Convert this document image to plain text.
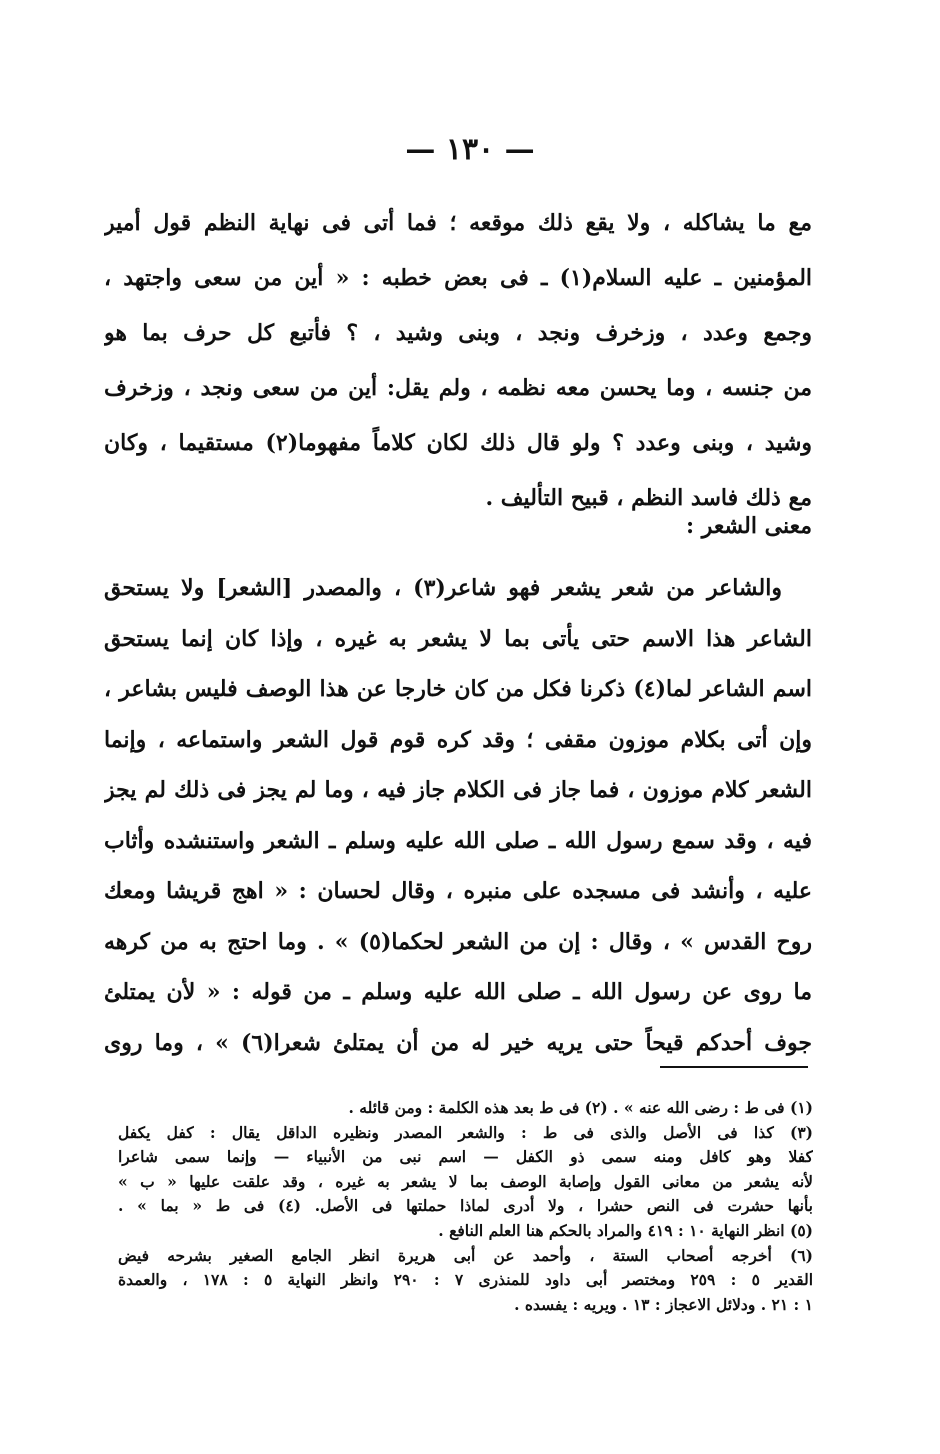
— ١٣٠ —
مع ما يشاكله ، ولا يقع ذلك موقعه ؛ فما أتى فى نهاية النظم قول أمير
المؤمنين ـ عليه السلام(١) ـ فى بعض خطبه : « أين من سعى واجتهد ،
وجمع وعدد ، وزخرف ونجد ، وبنى وشيد ، ؟ فأتبع كل حرف بما هو
من جنسه ، وما يحسن معه نظمه ، ولم يقل: أين من سعى ونجد ، وزخرف
وشيد ، وبنى وعدد ؟ ولو قال ذلك لكان كلاماً مفهوما(٢) مستقيما ، وكان
مع ذلك فاسد النظم ، قبيح التأليف .
معنى الشعر :
والشاعر من شعر يشعر فهو شاعر(٣) ، والمصدر [الشعر] ولا يستحق
الشاعر هذا الاسم حتى يأتى بما لا يشعر به غيره ، وإذا كان إنما يستحق
اسم الشاعر لما(٤) ذكرنا فكل من كان خارجا عن هذا الوصف فليس بشاعر ،
وإن أتى بكلام موزون مقفى ؛ وقد كره قوم قول الشعر واستماعه ، وإنما
الشعر كلام موزون ، فما جاز فى الكلام جاز فيه ، وما لم يجز فى ذلك لم يجز
فيه ، وقد سمع رسول الله ـ صلى الله عليه وسلم ـ الشعر واستنشده وأثاب
عليه ، وأنشد فى مسجده على منبره ، وقال لحسان : « اهج قريشا ومعك
روح القدس » ، وقال : إن من الشعر لحكما(٥) » . وما احتج به من كرهه
ما روى عن رسول الله ـ صلى الله عليه وسلم ـ من قوله : « لأن يمتلئ
جوف أحدكم قيحاً حتى يريه خير له من أن يمتلئ شعرا(٦) » ، وما روى
(١) فى ط : رضى الله عنه » . (٢) فى ط بعد هذه الكلمة : ومن قائله .
(٣) كذا فى الأصل والذى فى ط : والشعر المصدر ونظيره الداقل يقال : كفل يكفل
كفلا وهو كافل ومنه سمى ذو الكفل — اسم نبى من الأنبياء — وإنما سمى شاعرا
لأنه يشعر من معانى القول وإصابة الوصف بما لا يشعر به غيره ، وقد علقت عليها « ب »
بأنها حشرت فى النص حشرا ، ولا أدرى لماذا حملتها فى الأصل. (٤) فى ط « بما » .
(٥) انظر النهاية ١٠ : ٤١٩ والمراد بالحكم هنا العلم النافع .
(٦) أخرجه أصحاب الستة ، وأحمد عن أبى هريرة انظر الجامع الصغير بشرحه فيض
القدير ٥ : ٢٥٩ ومختصر أبى داود للمنذرى ٧ : ٢٩٠ وانظر النهاية ٥ : ١٧٨ ، والعمدة
١ : ٢١ . ودلائل الاعجاز : ١٣ . ويريه : يفسده .
